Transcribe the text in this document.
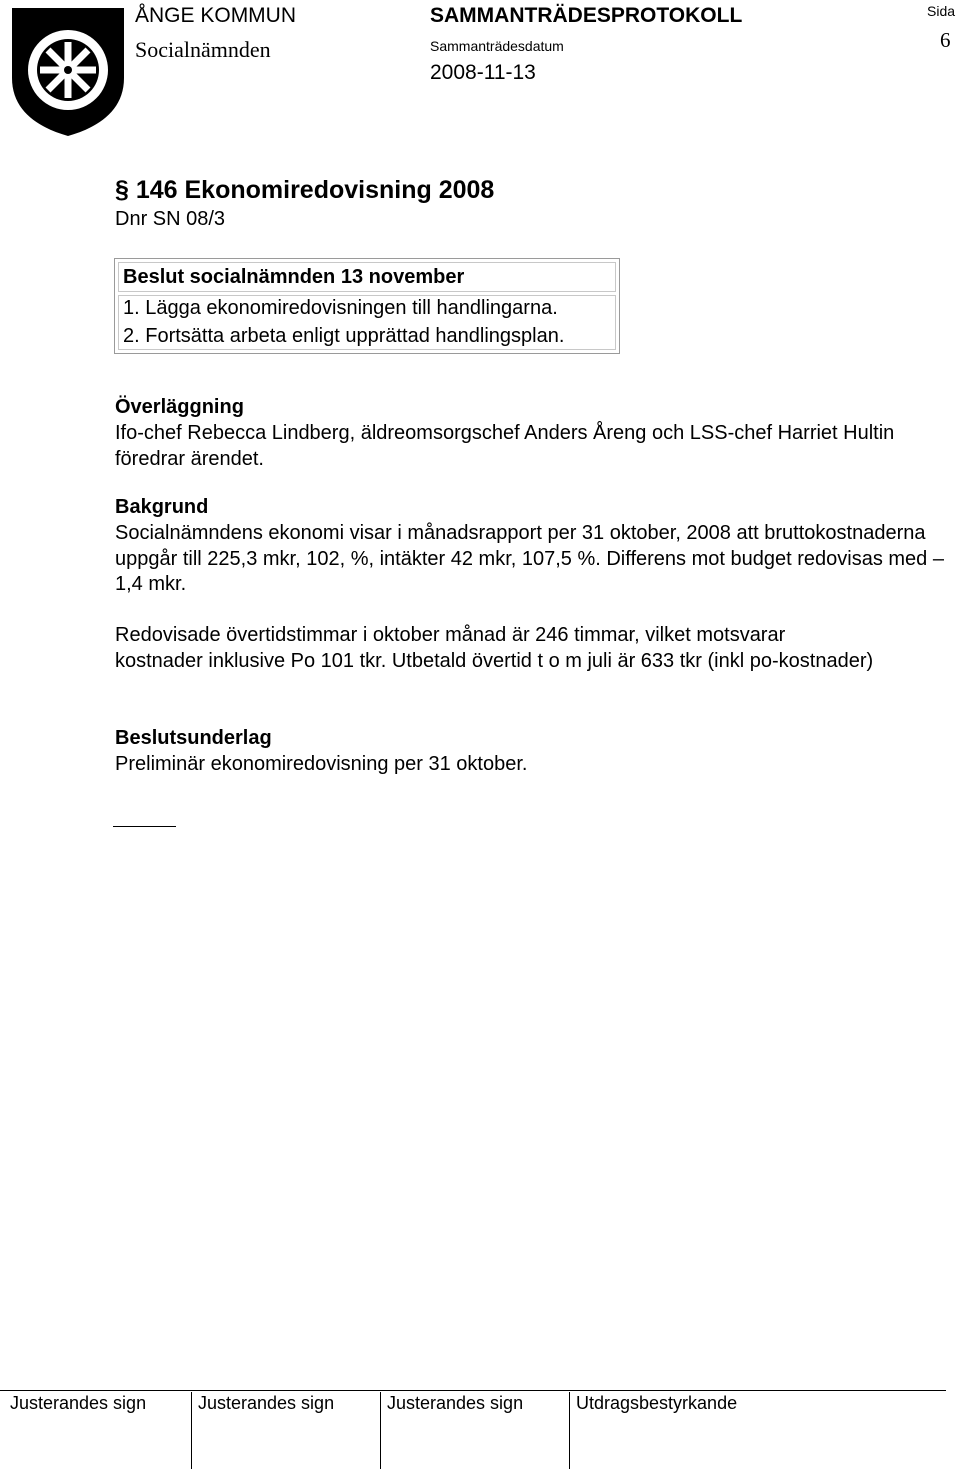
ÅNGE KOMMUN
Socialnämnden
SAMMANTRÄDESPROTOKOLL
Sammanträdesdatum
2008-11-13
Sida
6
§ 146 Ekonomiredovisning 2008
Dnr SN 08/3
Beslut socialnämnden 13 november
1. Lägga ekonomiredovisningen till handlingarna.
2. Fortsätta arbeta enligt upprättad handlingsplan.
Överläggning
Ifo-chef Rebecca Lindberg, äldreomsorgschef Anders Åreng och LSS-chef Harriet Hultin föredrar ärendet.
Bakgrund
Socialnämndens ekonomi visar i månadsrapport per 31 oktober, 2008 att bruttokostnaderna uppgår till 225,3 mkr, 102, %, intäkter 42 mkr, 107,5 %. Differens mot budget redovisas med – 1,4 mkr.
Redovisade övertidstimmar i oktober månad är 246 timmar, vilket motsvarar kostnader inklusive Po 101 tkr. Utbetald övertid t o m juli är 633 tkr (inkl po-kostnader)
Beslutsunderlag
Preliminär ekonomiredovisning per 31 oktober.
Justerandes sign	Justerandes sign	Justerandes sign	Utdragsbestyrkande
